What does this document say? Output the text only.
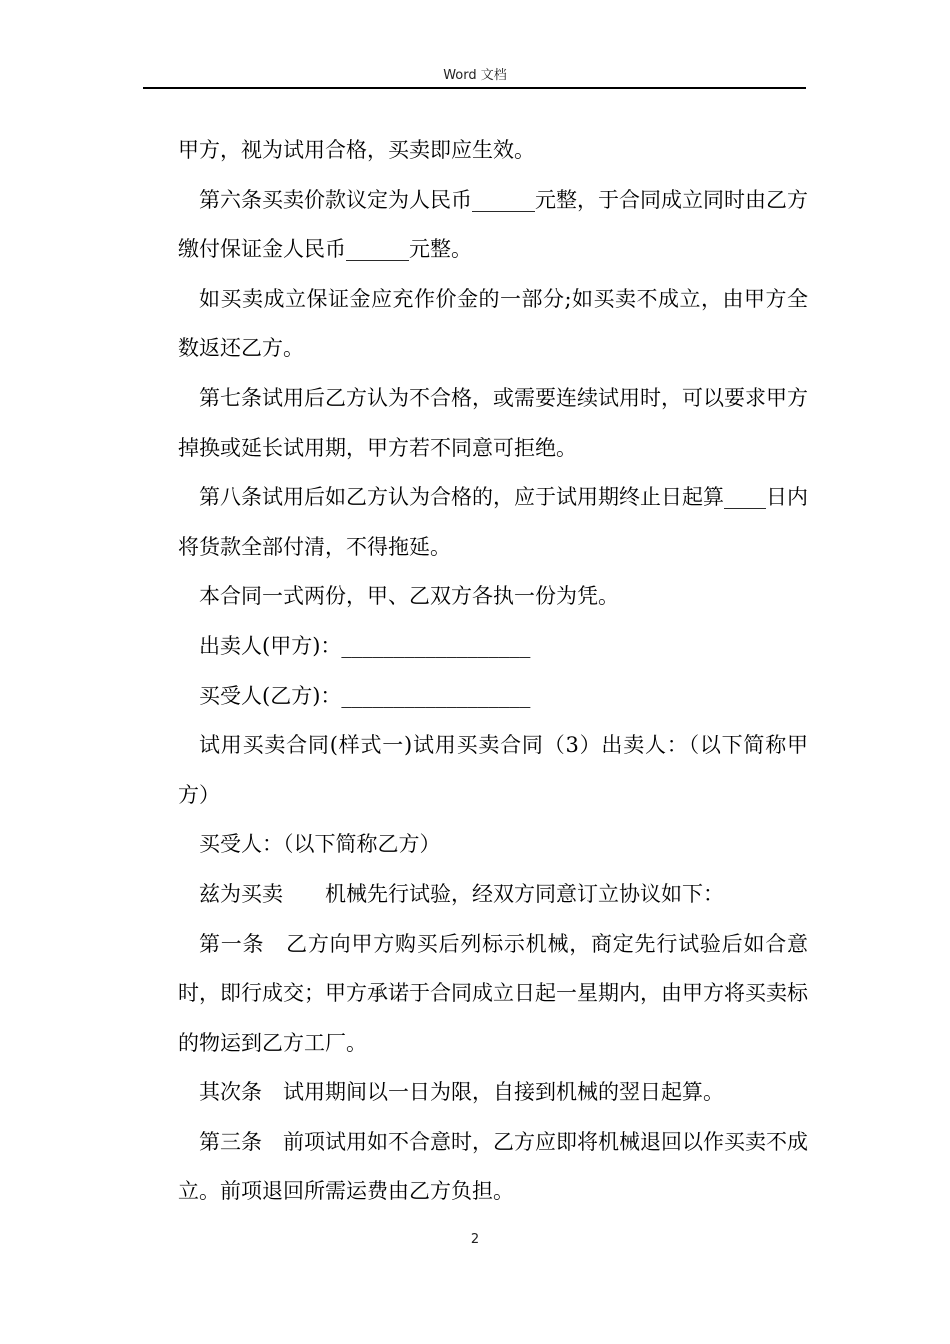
Word 文档

甲方，视为试用合格，买卖即应生效。

第六条买卖价款议定为人民币______元整，于合同成立同时由乙方缴付保证金人民币______元整。

如买卖成立保证金应充作价金的一部分;如买卖不成立，由甲方全数返还乙方。

第七条试用后乙方认为不合格，或需要连续试用时，可以要求甲方掉换或延长试用期，甲方若不同意可拒绝。

第八条试用后如乙方认为合格的，应于试用期终止日起算____日内将货款全部付清，不得拖延。

本合同一式两份，甲、乙双方各执一份为凭。

出卖人(甲方)：__________________

买受人(乙方)：__________________

试用买卖合同(样式一)试用买卖合同（3）出卖人：（以下简称甲方）

买受人：（以下简称乙方）

兹为买卖　　机械先行试验，经双方同意订立协议如下：

第一条　乙方向甲方购买后列标示机械，商定先行试验后如合意时，即行成交；甲方承诺于合同成立日起一星期内，由甲方将买卖标的物运到乙方工厂。

其次条　试用期间以一日为限，自接到机械的翌日起算。

第三条　前项试用如不合意时，乙方应即将机械退回以作买卖不成立。前项退回所需运费由乙方负担。

2
